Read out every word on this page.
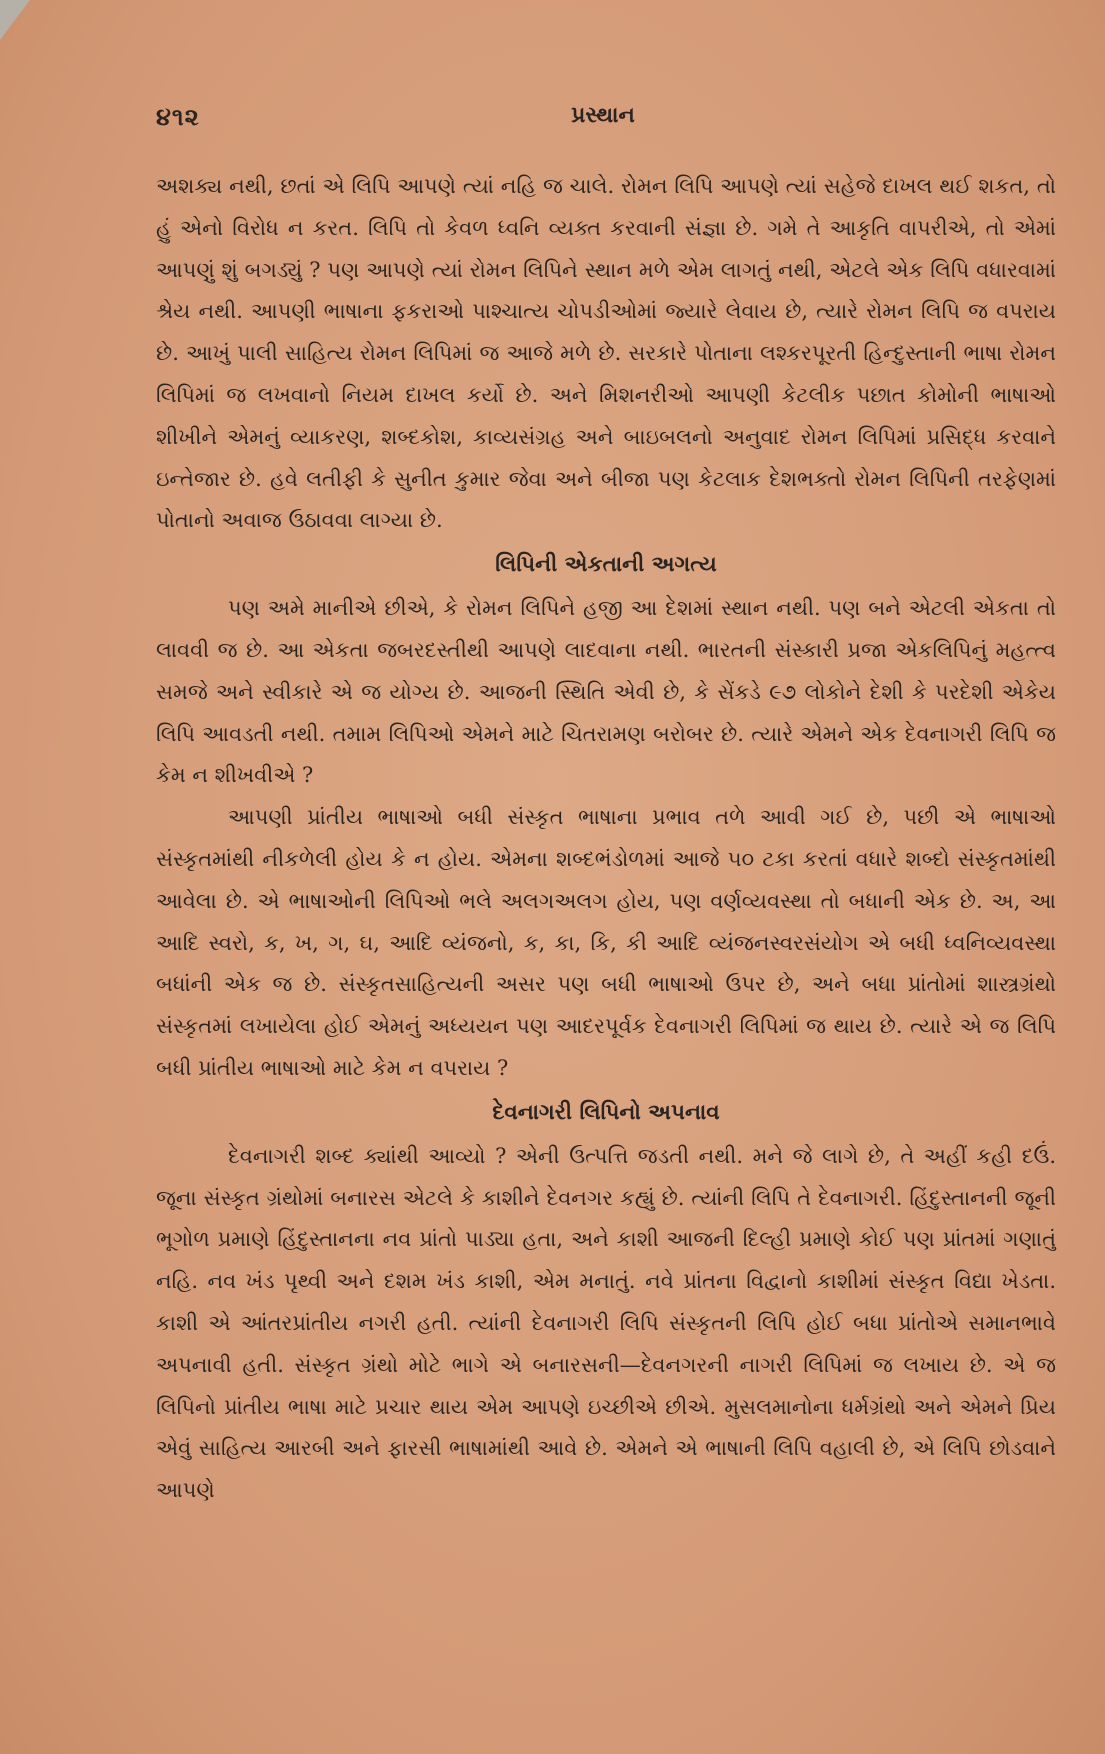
૪૧૨	પ્રસ્થાન

અશક્ય નથી, છતાં એ લિપિ આપણે ત્યાં નહિ જ ચાલે. રોમન લિપિ આપણે ત્યાં સહેજે દાખલ થઈ શકત, તો હું એનો વિરોધ ન કરત. લિપિ તો કેવળ ધ્વનિ વ્યક્ત કરવાની સંજ્ઞા છે. ગમે તે આકૃતિ વાપરીએ, તો એમાં આપણું શું બગડ્યું ? પણ આપણે ત્યાં રોમન લિપિને સ્થાન મળે એમ લાગતું નથી, એટલે એક લિપિ વધારવામાં શ્રેય નથી. આપણી ભાષાના ફકરાઓ પાશ્ચાત્ય ચોપડીઓમાં જ્યારે લેવાય છે, ત્યારે રોમન લિપિ જ વપરાય છે. આખું પાલી સાહિત્ય રોમન લિપિમાં જ આજે મળે છે. સરકારે પોતાના લશ્કરપૂરતી હિન્દુસ્તાની ભાષા રોમન લિપિમાં જ લખવાનો નિયમ દાખલ કર્યો છે. અને મિશનરીઓ આપણી કેટલીક પછાત કોમોની ભાષાઓ શીખીને એમનું વ્યાકરણ, શબ્દકોશ, કાવ્યસંગ્રહ અને બાઇબલનો અનુવાદ રોમન લિપિમાં પ્રસિદ્ધ કરવાને ઇન્તેજાર છે. હવે લતીફી કે સુનીત કુમાર જેવા અને બીજા પણ કેટલાક દેશભક્તો રોમન લિપિની તરફેણમાં પોતાનો અવાજ ઉઠાવવા લાગ્યા છે.

લિપિની એકતાની અગત્ય

પણ અમે માનીએ છીએ, કે રોમન લિપિને હજી આ દેશમાં સ્થાન નથી. પણ બને એટલી એકતા તો લાવવી જ છે. આ એકતા જબરદસ્તીથી આપણે લાદવાના નથી. ભારતની સંસ્કારી પ્રજા એકલિપિનું મહત્ત્વ સમજે અને સ્વીકારે એ જ યોગ્ય છે. આજની સ્થિતિ એવી છે, કે સેંકડે ૯૭ લોકોને દેશી કે પરદેશી એકેય લિપિ આવડતી નથી. તમામ લિપિઓ એમને માટે ચિતરામણ બરોબર છે. ત્યારે એમને એક દેવનાગરી લિપિ જ કેમ ન શીખવીએ ?

આપણી પ્રાંતીય ભાષાઓ બધી સંસ્કૃત ભાષાના પ્રભાવ તળે આવી ગઈ છે, પછી એ ભાષાઓ સંસ્કૃતમાંથી નીકળેલી હોય કે ન હોય. એમના શબ્દભંડોળમાં આજે ૫૦ ટકા કરતાં વધારે શબ્દો સંસ્કૃતમાંથી આવેલા છે. એ ભાષાઓની લિપિઓ ભલે અલગઅલગ હોય, પણ વર્ણવ્યવસ્થા તો બધાની એક છે. અ, આ આદિ સ્વરો, ક, ખ, ગ, ઘ, આદિ વ્યંજનો, ક, કા, કિ, કી આદિ વ્યંજનસ્વરસંયોગ એ બધી ધ્વનિવ્યવસ્થા બધાંની એક જ છે. સંસ્કૃતસાહિત્યની અસર પણ બધી ભાષાઓ ઉપર છે, અને બધા પ્રાંતોમાં શાસ્ત્રગ્રંથો સંસ્કૃતમાં લખાયેલા હોઈ એમનું અધ્યયન પણ આદરપૂર્વક દેવનાગરી લિપિમાં જ થાય છે. ત્યારે એ જ લિપિ બધી પ્રાંતીય ભાષાઓ માટે કેમ ન વપરાય ?

દેવનાગરી લિપિનો અપનાવ

દેવનાગરી શબ્દ ક્યાંથી આવ્યો ? એની ઉત્પત્તિ જડતી નથી. મને જે લાગે છે, તે અહીં કહી દઉં. જૂના સંસ્કૃત ગ્રંથોમાં બનારસ એટલે કે કાશીને દેવનગર કહ્યું છે. ત્યાંની લિપિ તે દેવનાગરી. હિંદુસ્તાનની જૂની ભૂગોળ પ્રમાણે હિંદુસ્તાનના નવ પ્રાંતો પાડ્યા હતા, અને કાશી આજની દિલ્હી પ્રમાણે કોઈ પણ પ્રાંતમાં ગણાતું નહિ. નવ ખંડ પૃથ્વી અને દશમ ખંડ કાશી, એમ મનાતું. નવે પ્રાંતના વિદ્વાનો કાશીમાં સંસ્કૃત વિદ્યા ખેડતા. કાશી એ આંતરપ્રાંતીય નગરી હતી. ત્યાંની દેવનાગરી લિપિ સંસ્કૃતની લિપિ હોઈ બધા પ્રાંતોએ સમાનભાવે અપનાવી હતી. સંસ્કૃત ગ્રંથો મોટે ભાગે એ બનારસની—દેવનગરની નાગરી લિપિમાં જ લખાય છે. એ જ લિપિનો પ્રાંતીય ભાષા માટે પ્રચાર થાય એમ આપણે ઇચ્છીએ છીએ. મુસલમાનોના ધર્મગ્રંથો અને એમને પ્રિય એવું સાહિત્ય આરબી અને ફારસી ભાષામાંથી આવે છે. એમને એ ભાષાની લિપિ વહાલી છે, એ લિપિ છોડવાને આપણે
